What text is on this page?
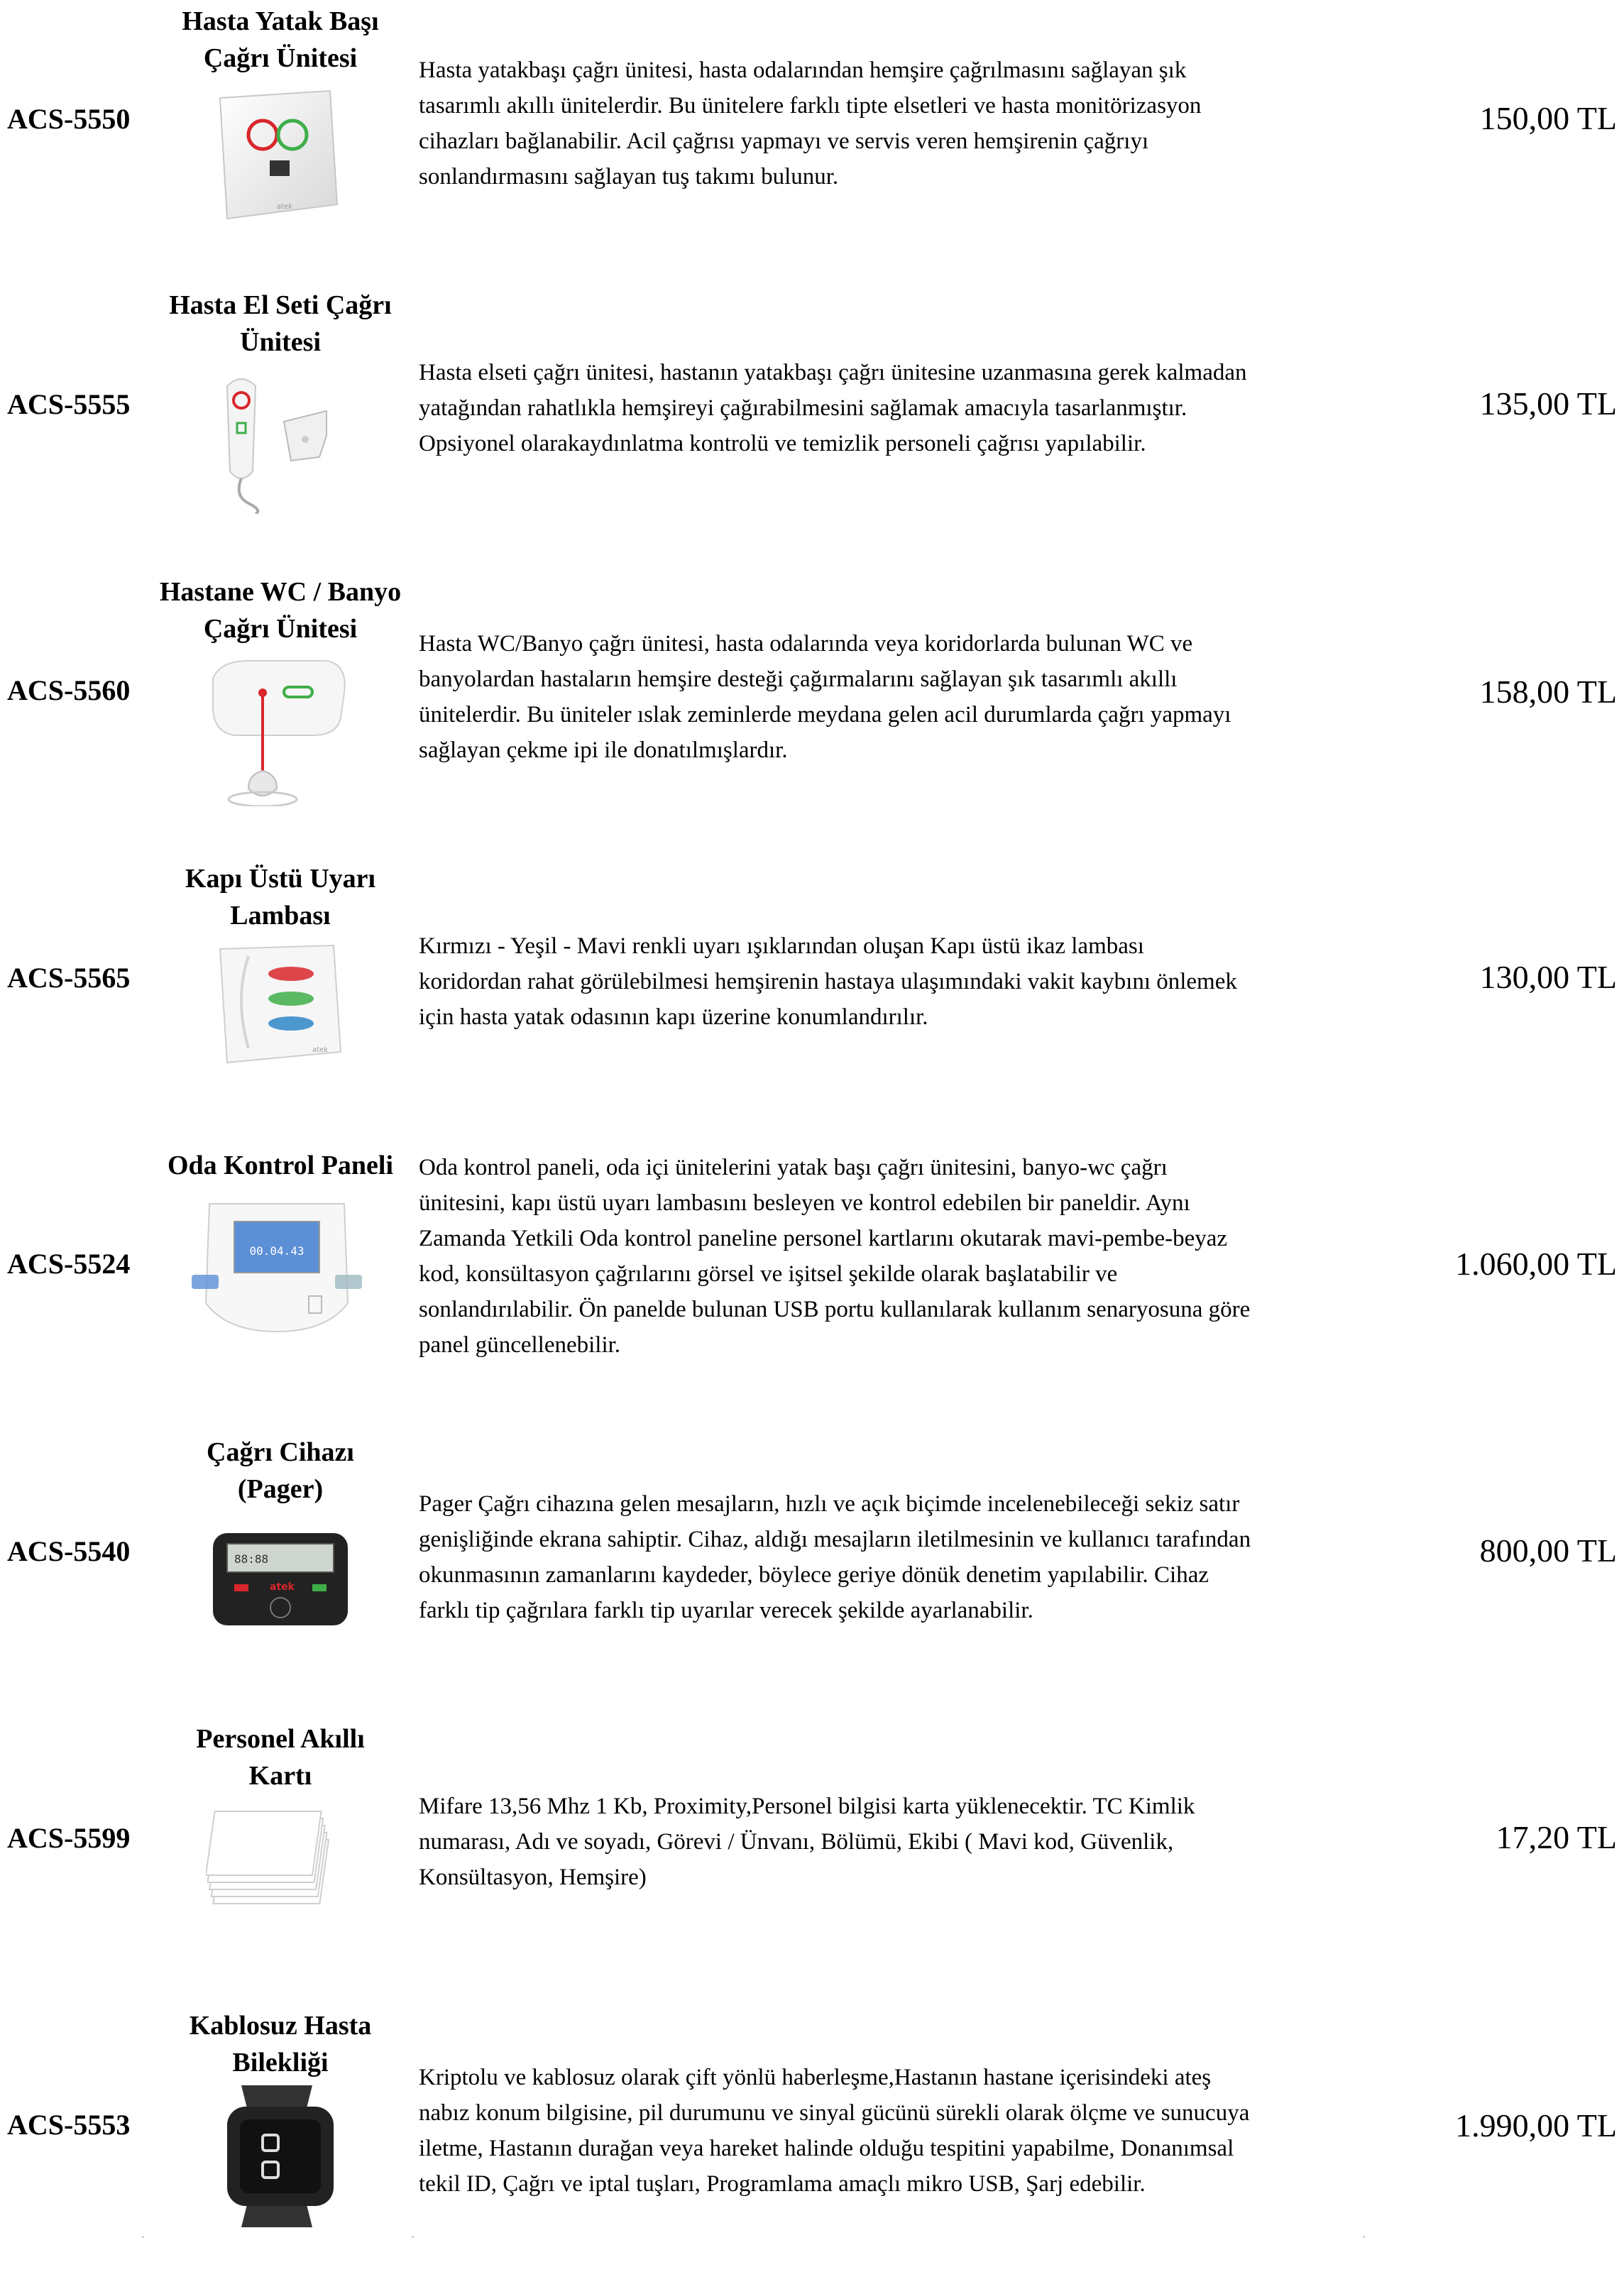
ACS-5550
Hasta Yatak Başı
Çağrı Ünitesi
atek
Hasta yatakbaşı çağrı ünitesi, hasta odalarından hemşire çağrılmasını sağlayan şık
tasarımlı akıllı ünitelerdir. Bu ünitelere farklı tipte elsetleri ve hasta monitörizasyon
cihazları bağlanabilir. Acil çağrısı yapmayı ve servis veren hemşirenin çağrıyı
sonlandırmasını sağlayan tuş takımı bulunur.
150,00 TL
ACS-5555
Hasta El Seti Çağrı
Ünitesi
Hasta elseti çağrı ünitesi, hastanın yatakbaşı çağrı ünitesine uzanmasına gerek kalmadan
yatağından rahatlıkla hemşireyi çağırabilmesini sağlamak amacıyla tasarlanmıştır.
Opsiyonel olarakaydınlatma kontrolü ve temizlik personeli çağrısı yapılabilir.
135,00 TL
ACS-5560
Hastane WC / Banyo
Çağrı Ünitesi	Hasta WC/Banyo çağrı ünitesi, hasta odalarında veya koridorlarda bulunan WC ve
banyolardan hastaların hemşire desteği çağırmalarını sağlayan şık tasarımlı akıllı
ünitelerdir. Bu üniteler ıslak zeminlerde meydana gelen acil durumlarda çağrı yapmayı
sağlayan çekme ipi ile donatılmışlardır.
158,00 TL
ACS-5565
Kapı Üstü Uyarı
Lambası
atek
Kırmızı - Yeşil - Mavi renkli uyarı ışıklarından oluşan Kapı üstü ikaz lambası
koridordan rahat görülebilmesi hemşirenin hastaya ulaşımındaki vakit kaybını önlemek
için hasta yatak odasının kapı üzerine konumlandırılır.
130,00 TL
ACS-5524
Oda Kontrol Paneli
00.04.43
Oda kontrol paneli, oda içi ünitelerini yatak başı çağrı ünitesini, banyo-wc çağrı
ünitesini, kapı üstü uyarı lambasını besleyen ve kontrol edebilen bir paneldir. Aynı
Zamanda Yetkili Oda kontrol paneline personel kartlarını okutarak mavi-pembe-beyaz
kod, konsültasyon çağrılarını görsel ve işitsel şekilde olarak başlatabilir ve
sonlandırılabilir. Ön panelde bulunan USB portu kullanılarak kullanım senaryosuna göre
panel güncellenebilir.
1.060,00 TL
ACS-5540
Çağrı Cihazı
(Pager)
88:88
atek
Pager Çağrı cihazına gelen mesajların, hızlı ve açık biçimde incelenebileceği sekiz satır
genişliğinde ekrana sahiptir. Cihaz, aldığı mesajların iletilmesinin ve kullanıcı tarafından
okunmasının zamanlarını kaydeder, böylece geriye dönük denetim yapılabilir. Cihaz
farklı tip çağrılara farklı tip uyarılar verecek şekilde ayarlanabilir.
800,00 TL
ACS-5599
Personel Akıllı
Kartı
Mifare 13,56 Mhz 1 Kb, Proximity,Personel bilgisi karta yüklenecektir. TC Kimlik
numarası, Adı ve soyadı, Görevi / Ünvanı, Bölümü, Ekibi ( Mavi kod, Güvenlik,
Konsültasyon, Hemşire)
17,20 TL
ACS-5553
Kablosuz Hasta
Bilekliği	Kriptolu ve kablosuz olarak çift yönlü haberleşme,Hastanın hastane içerisindeki ateş
nabız konum bilgisine, pil durumunu ve sinyal gücünü sürekli olarak ölçme ve sunucuya
iletme, Hastanın durağan veya hareket halinde olduğu tespitini yapabilme, Donanımsal
tekil ID, Çağrı ve iptal tuşları, Programlama amaçlı mikro USB, Şarj edebilir.
1.990,00 TL
